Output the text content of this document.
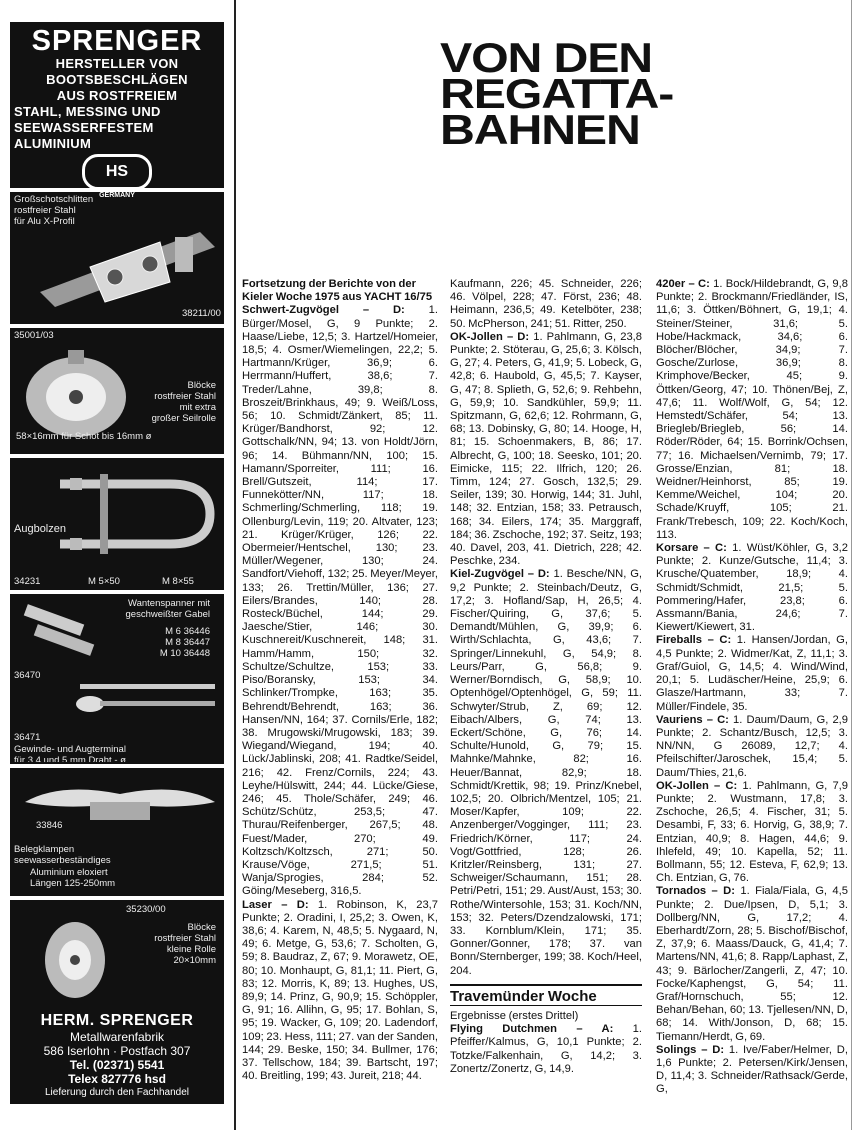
SPRENGER
HERSTELLER VON
BOOTSBESCHLÄGEN
AUS ROSTFREIEM
STAHL, MESSING UND
SEEWASSERFESTEM
ALUMINIUM
HS
GERMANY
Großschotschlitten
rostfreier Stahl
für Alu X-Profil
38211/00
35001/03
Blöcke
rostfreier Stahl
mit extra
großer Seilrolle
58×16mm für Schot bis 16mm ø
Augbolzen
34231	M 5×50	M 8×55
Wantenspanner mit
geschweißter Gabel
M 6 36446
M 8 36447
M 10 36448
36470
36471
Gewinde- und Augterminal
für 3 4 und 5 mm Draht - ø
33846
Belegklampen
seewasserbeständiges
Aluminium eloxiert
Längen 125-250mm
35230/00
Blöcke
rostfreier Stahl
kleine Rolle
20×10mm
HERM. SPRENGER
Metallwarenfabrik
586 Iserlohn · Postfach 307
Tel. (02371) 5541
Telex 827776 hsd
Lieferung durch den Fachhandel
VON DEN
REGATTA-
BAHNEN

Fortsetzung der Berichte von der Kieler Woche 1975 aus YACHT 16/75

Schwert-Zugvögel – D: 1. Bürger/Mosel, G, 9 Punkte; 2. Haase/Liebe, 12,5; 3. Hartzel/Homeier, 18,5; 4. Osmer/Wiemelingen, 22,2; 5. Hartmann/Krüger, 36,9; 6. Herrmann/Huffert, 38,6; 7. Treder/Lahne, 39,8; 8. Broszeit/Brinkhaus, 49; 9. Weiß/Loss, 56; 10. Schmidt/Zänkert, 85; 11. Krüger/Bandhorst, 92; 12. Gottschalk/NN, 94; 13. von Holdt/Jörn, 96; 14. Bühmann/NN, 100; 15. Hamann/Sporreiter, 111; 16. Brell/Gutszeit, 114; 17. Funnekötter/NN, 117; 18. Schmerling/Schmerling, 118; 19. Ollenburg/Levin, 119; 20. Altvater, 123; 21. Krüger/Krüger, 126; 22. Obermeier/Hentschel, 130; 23. Müller/Wegener, 130; 24. Sandfort/Viehoff, 132; 25. Meyer/Meyer, 133; 26. Trettin/Müller, 136; 27. Eilers/Brandes, 140; 28. Rosteck/Büchel, 144; 29. Jaesche/Stier, 146; 30. Kuschnereit/Kuschnereit, 148; 31. Hamm/Hamm, 150; 32. Schultze/Schultze, 153; 33. Piso/Boransky, 153; 34. Schlinker/Trompke, 163; 35. Behrendt/Behrendt, 163; 36. Hansen/NN, 164; 37. Cornils/Erle, 182; 38. Mrugowski/Mrugowski, 183; 39. Wiegand/Wiegand, 194; 40. Lück/Jablinski, 208; 41. Radtke/Seidel, 216; 42. Frenz/Cornils, 224; 43. Leyhe/Hülswitt, 244; 44. Lücke/Giese, 246; 45. Thole/Schäfer, 249; 46. Schütz/Schütz, 253,5; 47. Thurau/Reifenberger, 267,5; 48. Fuest/Mader, 270; 49. Koltzsch/Koltzsch, 271; 50. Krause/Vöge, 271,5; 51. Wanja/Sprogies, 284; 52. Göing/Meseberg, 316,5.

Laser – D: 1. Robinson, K, 23,7 Punkte; 2. Oradini, I, 25,2; 3. Owen, K, 38,6; 4. Karem, N, 48,5; 5. Nygaard, N, 49; 6. Metge, G, 53,6; 7. Scholten, G, 59; 8. Baudraz, Z, 67; 9. Morawetz, OE, 80; 10. Monhaupt, G, 81,1; 11. Piert, G, 83; 12. Morris, K, 89; 13. Hughes, US, 89,9; 14. Prinz, G, 90,9; 15. Schöppler, G, 91; 16. Allihn, G, 95; 17. Bohlan, S, 95; 19. Wacker, G, 109; 20. Ladendorf, 109; 23. Hess, 111; 27. van der Sanden, 144; 29. Beske, 150; 34. Bullmer, 176; 37. Tellschow, 184; 39. Bartscht, 197; 40. Breitling, 199; 43. Jureit, 218; 44.

Kaufmann, 226; 45. Schneider, 226; 46. Völpel, 228; 47. Först, 236; 48. Heimann, 236,5; 49. Ketelböter, 238; 50. McPherson, 241; 51. Ritter, 250.

OK-Jollen – D: 1. Pahlmann, G, 23,8 Punkte; 2. Stöterau, G, 25,6; 3. Kölsch, G, 27; 4. Peters, G, 41,9; 5. Lobeck, G, 42,8; 6. Haubold, G, 45,5; 7. Kayser, G, 47; 8. Splieth, G, 52,6; 9. Rehbehn, G, 59,9; 10. Sandkühler, 59,9; 11. Spitzmann, G, 62,6; 12. Rohrmann, G, 68; 13. Dobinsky, G, 80; 14. Hooge, H, 81; 15. Schoenmakers, B, 86; 17. Albrecht, G, 100; 18. Seesko, 101; 20. Eimicke, 115; 22. Ilfrich, 120; 26. Timm, 124; 27. Gosch, 132,5; 29. Seiler, 139; 30. Horwig, 144; 31. Juhl, 148; 32. Entzian, 158; 33. Petrausch, 168; 34. Eilers, 174; 35. Marggraff, 184; 36. Zschoche, 192; 37. Seitz, 193; 40. Davel, 203, 41. Dietrich, 228; 42. Peschke, 234.

Kiel-Zugvögel – D: 1. Besche/NN, G, 9,2 Punkte; 2. Steinbach/Deutz, G, 17,2; 3. Hofland/Sap, H, 26,5; 4. Fischer/Quiring, G, 37,6; 5. Demandt/Mühlen, G, 39,9; 6. Wirth/Schlachta, G, 43,6; 7. Springer/Linnekuhl, G, 54,9; 8. Leurs/Parr, G, 56,8; 9. Werner/Borndisch, G, 58,9; 10. Optenhögel/Optenhögel, G, 59; 11. Schwyter/Strub, Z, 69; 12. Eibach/Albers, G, 74; 13. Eckert/Schöne, G, 76; 14. Schulte/Hunold, G, 79; 15. Mahnke/Mahnke, 82; 16. Heuer/Bannat, 82,9; 18. Schmidt/Krettik, 98; 19. Prinz/Knebel, 102,5; 20. Olbrich/Mentzel, 105; 21. Moser/Kapfer, 109; 22. Anzenberger/Vogginger, 111; 23. Friedrich/Körner, 117; 24. Vogt/Gottfried, 128; 26. Kritzler/Reinsberg, 131; 27. Schweiger/Schaumann, 151; 28. Petri/Petri, 151; 29. Aust/Aust, 153; 30. Rothe/Wintersohle, 153; 31. Koch/NN, 153; 32. Peters/Dzendzalowski, 171; 33. Kornblum/Klein, 171; 35. Gonner/Gonner, 178; 37. van Bonn/Sternberger, 199; 38. Koch/Heel, 204.

Travemünder Woche

Ergebnisse (erstes Drittel)

Flying Dutchmen – A: 1. Pfeiffer/Kalmus, G, 10,1 Punkte; 2. Totzke/Falkenhain, G, 14,2; 3. Zonertz/Zonertz, G, 14,9.

420er – C: 1. Bock/Hildebrandt, G, 9,8 Punkte; 2. Brockmann/Friedländer, IS, 11,6; 3. Öttken/Böhnert, G, 19,1; 4. Steiner/Steiner, 31,6; 5. Hobe/Hackmack, 34,6; 6. Blöcher/Blöcher, 34,9; 7. Gosche/Zurlose, 36,9; 8. Krimphove/Becker, 45; 9. Öttken/Georg, 47; 10. Thönen/Bej, Z, 47,6; 11. Wolf/Wolf, G, 54; 12. Hemstedt/Schäfer, 54; 13. Briegleb/Briegleb, 56; 14. Röder/Röder, 64; 15. Borrink/Ochsen, 77; 16. Michaelsen/Vernimb, 79; 17. Grosse/Enzian, 81; 18. Weidner/Heinhorst, 85; 19. Kemme/Weichel, 104; 20. Schade/Kruyff, 105; 21. Frank/Trebesch, 109; 22. Koch/Koch, 113.

Korsare – C: 1. Wüst/Köhler, G, 3,2 Punkte; 2. Kunze/Gutsche, 11,4; 3. Krusche/Quatember, 18,9; 4. Schmidt/Schmidt, 21,5; 5. Pommering/Hafer, 23,8; 6. Assmann/Bania, 24,6; 7. Kiewert/Kiewert, 31.

Fireballs – C: 1. Hansen/Jordan, G, 4,5 Punkte; 2. Widmer/Kat, Z, 11,1; 3. Graf/Guiol, G, 14,5; 4. Wind/Wind, 20,1; 5. Ludäscher/Heine, 25,9; 6. Glasze/Hartmann, 33; 7. Müller/Findele, 35.

Vauriens – C: 1. Daum/Daum, G, 2,9 Punkte; 2. Schantz/Busch, 12,5; 3. NN/NN, G 26089, 12,7; 4. Pfeilschifter/Jaroschek, 15,4; 5. Daum/Thies, 21,6.

OK-Jollen – C: 1. Pahlmann, G, 7,9 Punkte; 2. Wustmann, 17,8; 3. Zschoche, 26,5; 4. Fischer, 31; 5. Desambi, F, 33; 6. Horvig, G, 38,9; 7. Entzian, 40,9; 8. Hagen, 44,6; 9. Ihlefeld, 49; 10. Kapella, 52; 11. Bollmann, 55; 12. Esteva, F, 62,9; 13. Ch. Entzian, G, 76.

Tornados – D: 1. Fiala/Fiala, G, 4,5 Punkte; 2. Due/Ipsen, D, 5,1; 3. Dollberg/NN, G, 17,2; 4. Eberhardt/Zorn, 28; 5. Bischof/Bischof, Z, 37,9; 6. Maass/Dauck, G, 41,4; 7. Martens/NN, 41,6; 8. Rapp/Laphast, Z, 43; 9. Bärlocher/Zangerli, Z, 47; 10. Focke/Kaphengst, G, 54; 11. Graf/Hornschuch, 55; 12. Behan/Behan, 60; 13. Tjellesen/NN, D, 68; 14. With/Jonson, D, 68; 15. Tiemann/Herdt, G, 69.

Solings – D: 1. Ive/Faber/Helmer, D, 1,6 Punkte; 2. Petersen/Kirk/Jensen, D, 11,4; 3. Schneider/Rathsack/Gerde, G,
